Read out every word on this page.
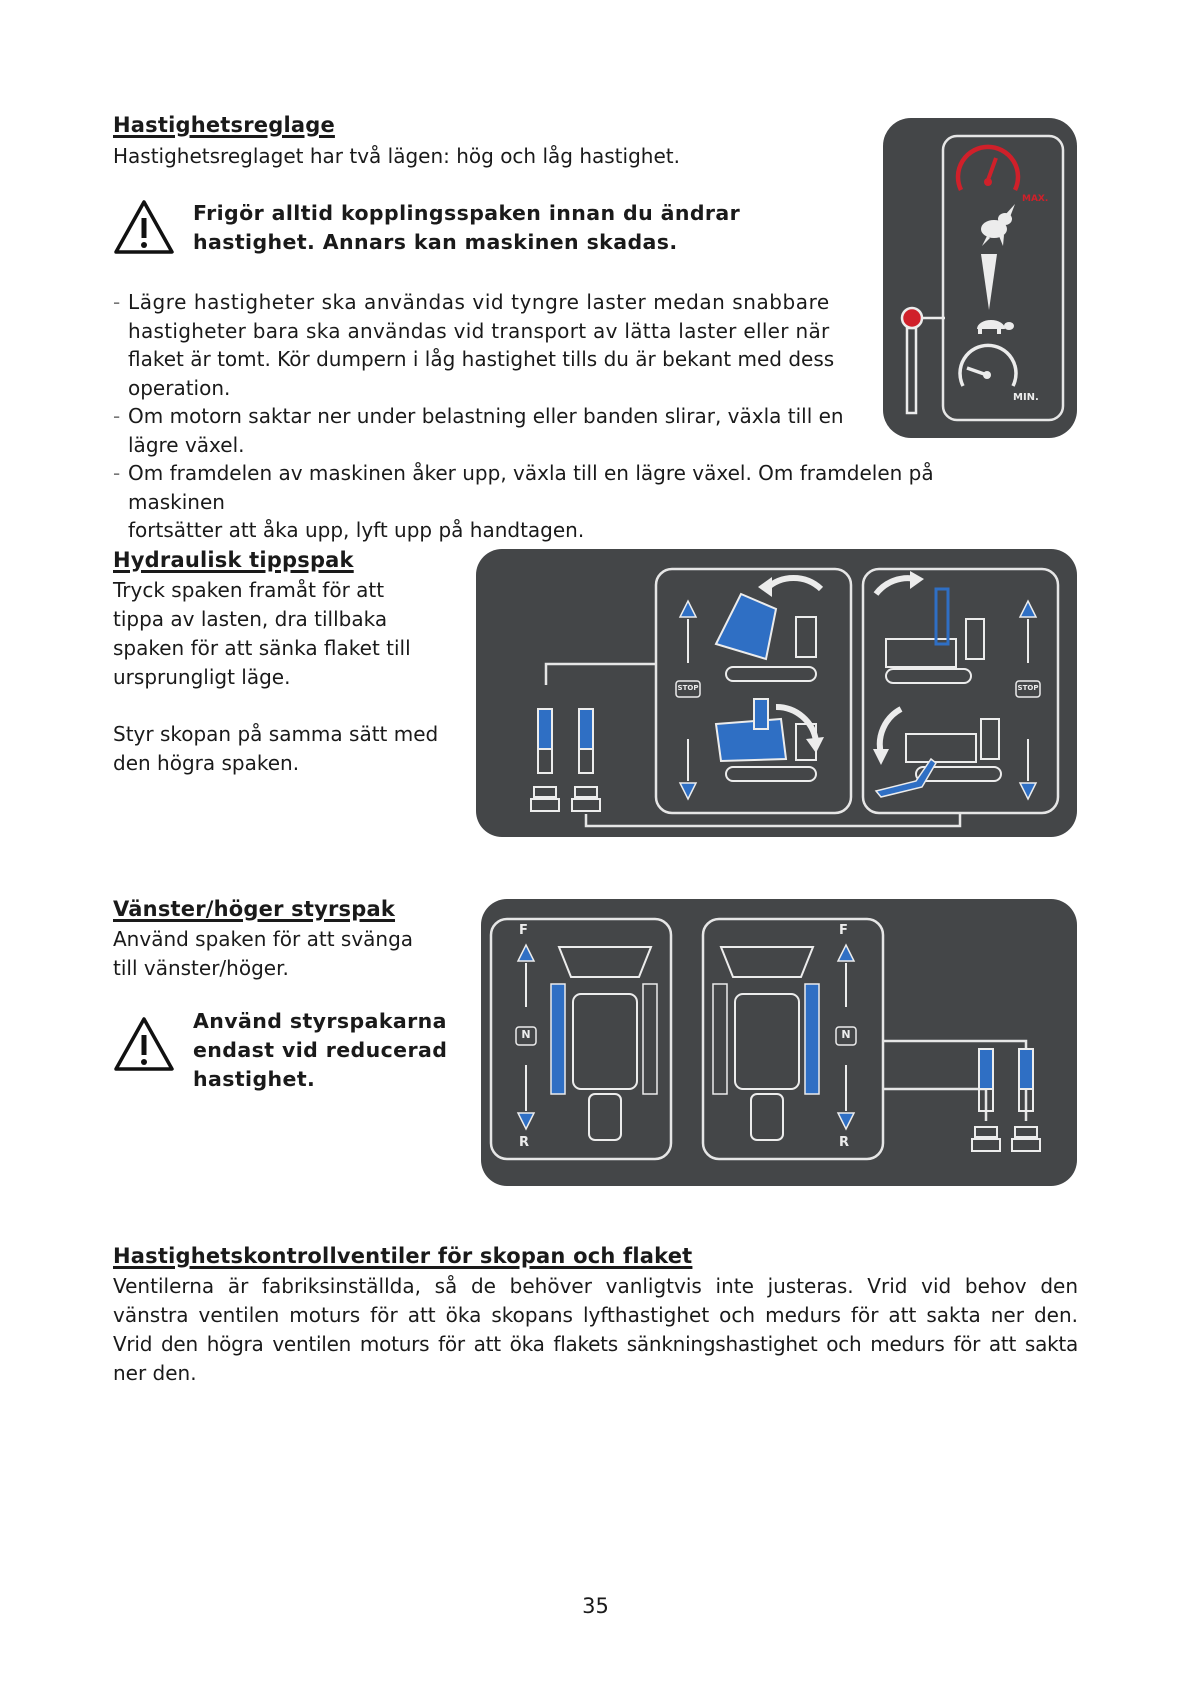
Hastighetsreglage
Hastighetsreglaget har två lägen: hög och låg hastighet.
Frigör alltid kopplingsspaken innan du ändrar
hastighet. Annars kan maskinen skadas.
- Lägre hastigheter ska användas vid tyngre laster medan snabbare
hastigheter bara ska användas vid transport av lätta laster eller när
flaket är tomt. Kör dumpern i låg hastighet tills du är bekant med dess
operation.
- Om motorn saktar ner under belastning eller banden slirar, växla till en
lägre växel.
- Om framdelen av maskinen åker upp, växla till en lägre växel. Om framdelen på maskinen
fortsätter att åka upp, lyft upp på handtagen.
MAX.
MIN.
Hydraulisk tippspak
Tryck spaken framåt för att
tippa av lasten, dra tillbaka
spaken för att sänka flaket till
ursprungligt läge.
Styr skopan på samma sätt med
den högra spaken.
STOP	STOP
Vänster/höger styrspak
Använd spaken för att svänga
till vänster/höger.
Använd styrspakarna
endast vid reducerad
hastighet.
F
R
N
F
R
N
Hastighetskontrollventiler för skopan och flaket
Ventilerna är fabriksinställda, så de behöver vanligtvis inte justeras. Vrid vid behov den
vänstra ventilen moturs för att öka skopans lyfthastighet och medurs för att sakta ner den.
Vrid den högra ventilen moturs för att öka flakets sänkningshastighet och medurs för att sakta
ner den.
35
